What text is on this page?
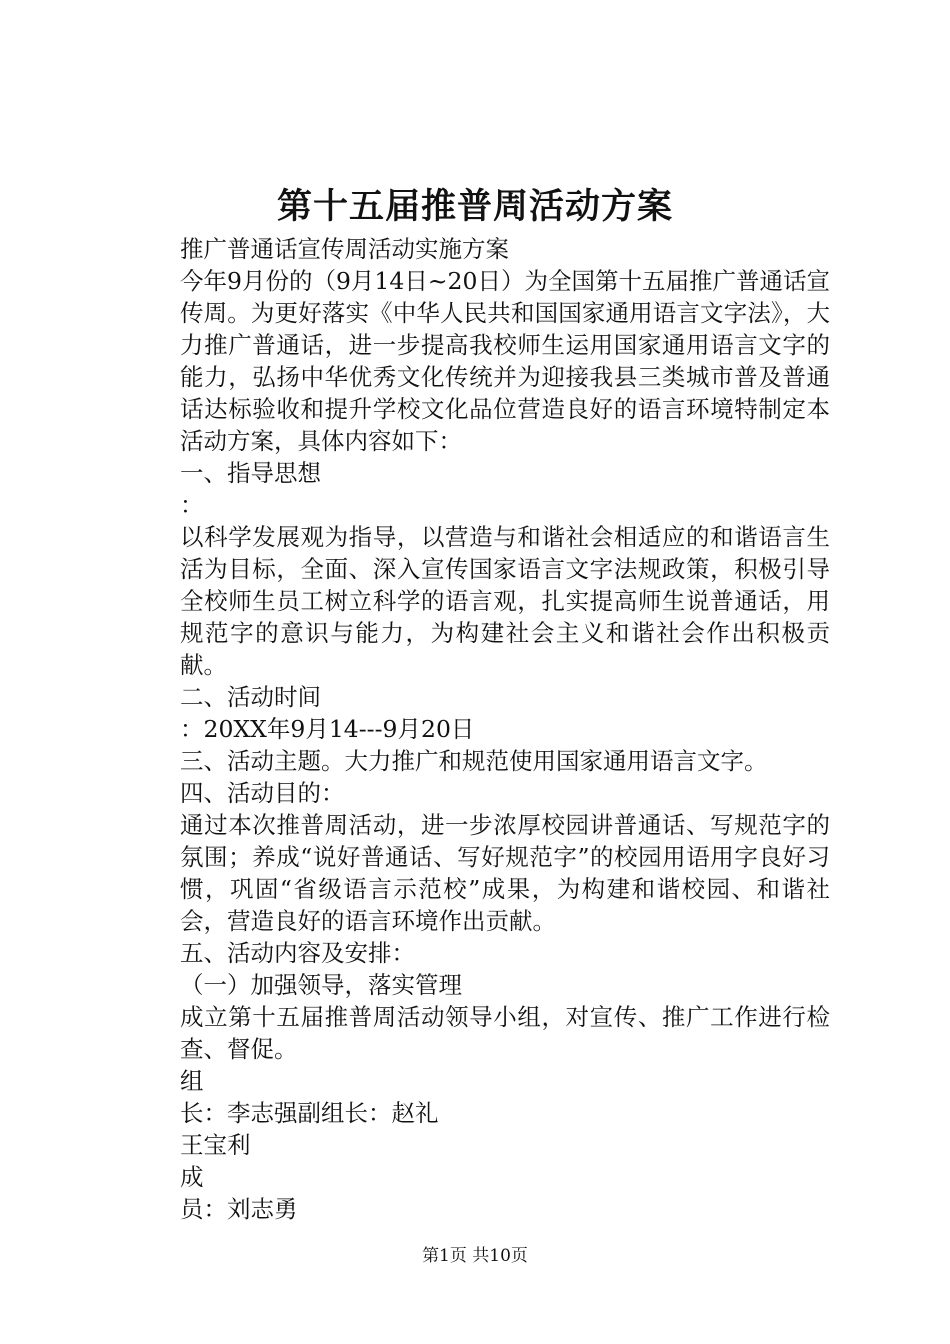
第十五届推普周活动方案

推广普通话宣传周活动实施方案

今年9月份的（9月14日~20日）为全国第十五届推广普通话宣传周。为更好落实《中华人民共和国国家通用语言文字法》，大力推广普通话，进一步提高我校师生运用国家通用语言文字的能力，弘扬中华优秀文化传统并为迎接我县三类城市普及普通话达标验收和提升学校文化品位营造良好的语言环境特制定本活动方案，具体内容如下：

一、指导思想

：

以科学发展观为指导，以营造与和谐社会相适应的和谐语言生活为目标，全面、深入宣传国家语言文字法规政策，积极引导全校师生员工树立科学的语言观，扎实提高师生说普通话，用规范字的意识与能力，为构建社会主义和谐社会作出积极贡献。

二、活动时间

：20XX年9月14---9月20日

三、活动主题。大力推广和规范使用国家通用语言文字。

四、活动目的：

通过本次推普周活动，进一步浓厚校园讲普通话、写规范字的氛围；养成“说好普通话、写好规范字”的校园用语用字良好习惯，巩固“省级语言示范校”成果，为构建和谐校园、和谐社会，营造良好的语言环境作出贡献。

五、活动内容及安排：

（一）加强领导，落实管理

成立第十五届推普周活动领导小组，对宣传、推广工作进行检查、督促。

组

长：李志强副组长：赵礼

王宝利

成

员：刘志勇

第1页 共10页
